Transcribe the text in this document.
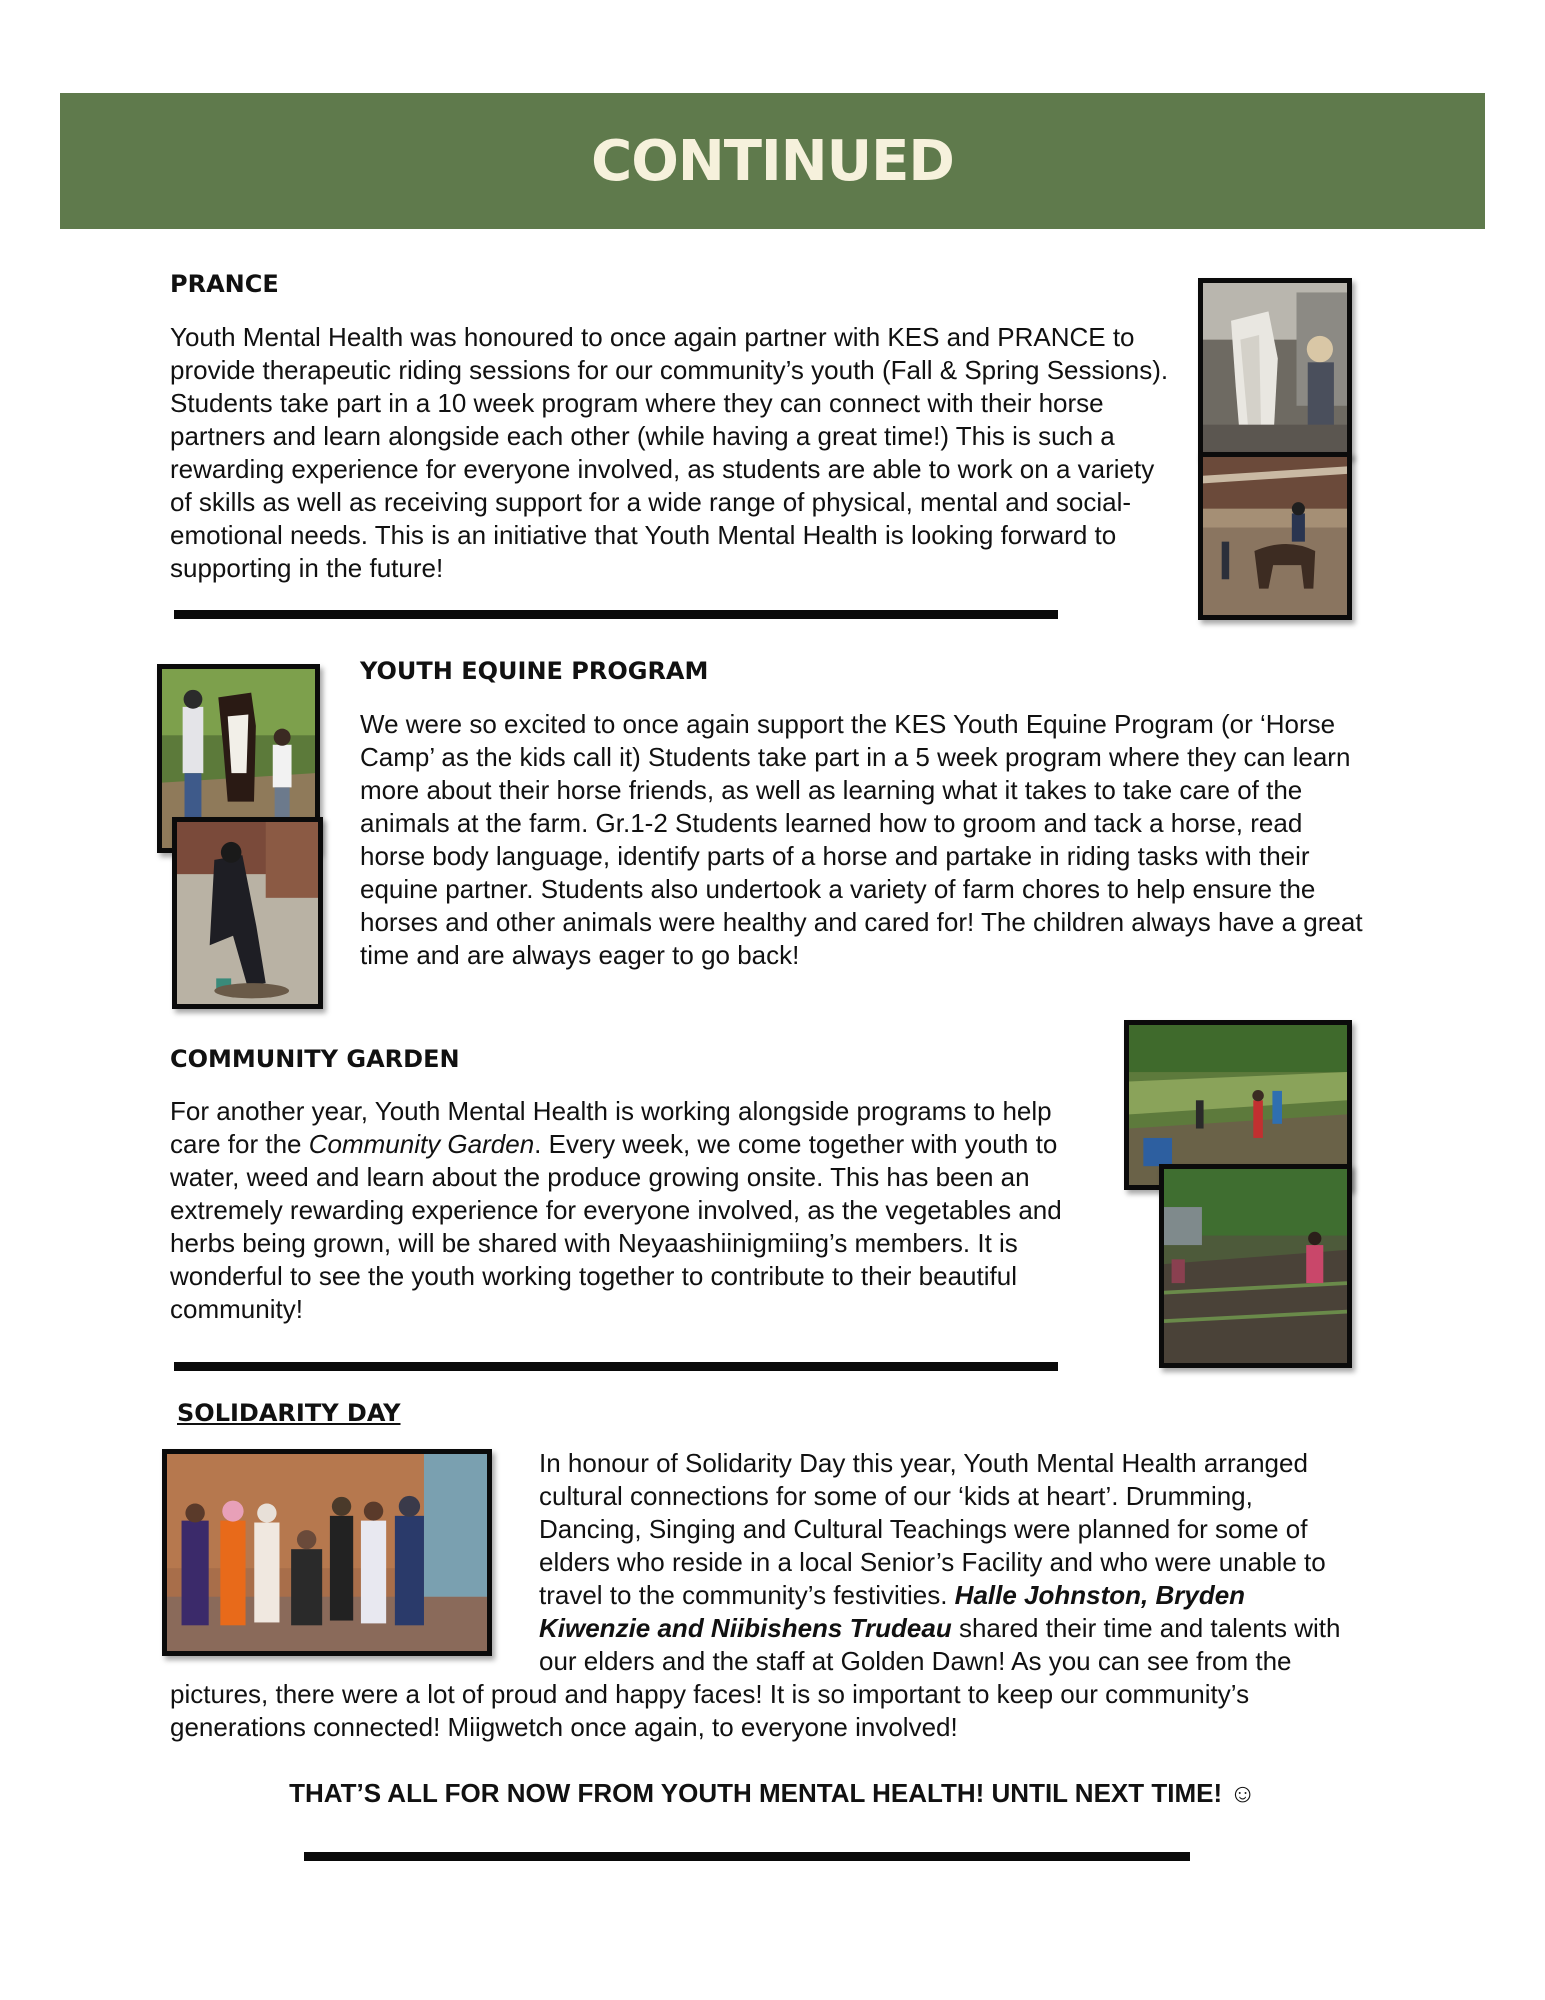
CONTINUED
PRANCE

Youth Mental Health was honoured to once again partner with KES and PRANCE to provide therapeutic riding sessions for our community’s youth (Fall & Spring Sessions). Students take part in a 10 week program where they can connect with their horse partners and learn alongside each other (while having a great time!) This is such a rewarding experience for everyone involved, as students are able to work on a variety of skills as well as receiving support for a wide range of physical, mental and social-emotional needs. This is an initiative that Youth Mental Health is looking forward to supporting in the future!

YOUTH EQUINE PROGRAM

We were so excited to once again support the KES Youth Equine Program (or ‘Horse Camp’ as the kids call it) Students take part in a 5 week program where they can learn more about their horse friends, as well as learning what it takes to take care of the animals at the farm. Gr.1-2 Students learned how to groom and tack a horse, read horse body language, identify parts of a horse and partake in riding tasks with their equine partner. Students also undertook a variety of farm chores to help ensure the horses and other animals were healthy and cared for! The children always have a great time and are always eager to go back!

COMMUNITY GARDEN

For another year, Youth Mental Health is working alongside programs to help care for the Community Garden. Every week, we come together with youth to water, weed and learn about the produce growing onsite. This has been an extremely rewarding experience for everyone involved, as the vegetables and herbs being grown, will be shared with Neyaashiinigmiing’s members. It is wonderful to see the youth working together to contribute to their beautiful community!

SOLIDARITY DAY

In honour of Solidarity Day this year, Youth Mental Health arranged cultural connections for some of our ‘kids at heart’. Drumming, Dancing, Singing and Cultural Teachings were planned for some of elders who reside in a local Senior’s Facility and who were unable to travel to the community’s festivities. Halle Johnston, Bryden Kiwenzie and Niibishens Trudeau shared their time and talents with our elders and the staff at Golden Dawn! As you can see from the pictures, there were a lot of proud and happy faces! It is so important to keep our community’s generations connected! Miigwetch once again, to everyone involved!

THAT’S ALL FOR NOW FROM YOUTH MENTAL HEALTH! UNTIL NEXT TIME! ☺
